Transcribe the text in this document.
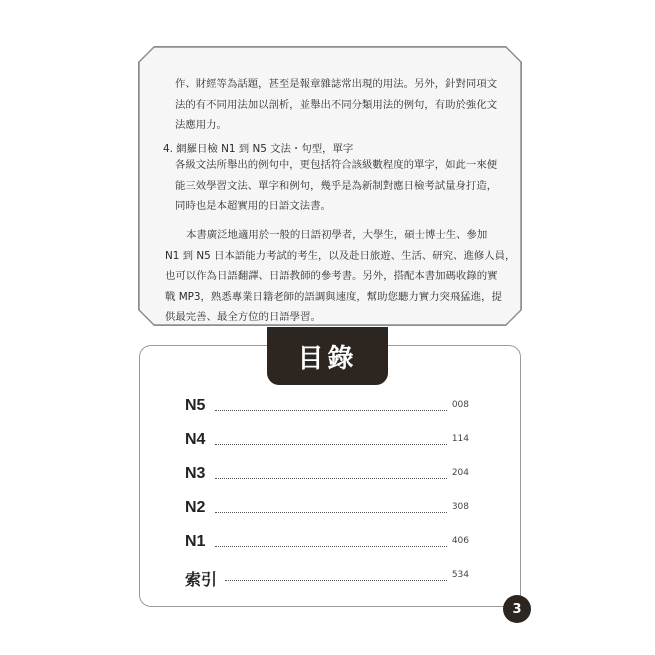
作、財經等為話題，甚至是報章雜誌常出現的用法。另外，針對同項文
法的有不同用法加以剖析，並舉出不同分類用法的例句，有助於強化文
法應用力。
4. 網羅日檢 N1 到 N5 文法・句型，單字
各級文法所舉出的例句中，更包括符合該級數程度的單字，如此一來便
能三效學習文法、單字和例句，幾乎是為新制對應日檢考試量身打造，
同時也是本超實用的日語文法書。
本書廣泛地適用於一般的日語初學者，大學生，碩士博士生、參加
N1 到 N5 日本語能力考試的考生，以及赴日旅遊、生活、研究、進修人員，
也可以作為日語翻譯、日語教師的參考書。另外，搭配本書加碼收錄的實
戰 MP3，熟悉專業日籍老師的語調與速度，幫助您聽力實力突飛猛進，提
供最完善、最全方位的日語學習。
目錄
N5	008
N4	114
N3	204
N2	308
N1	406
索引	534
3
